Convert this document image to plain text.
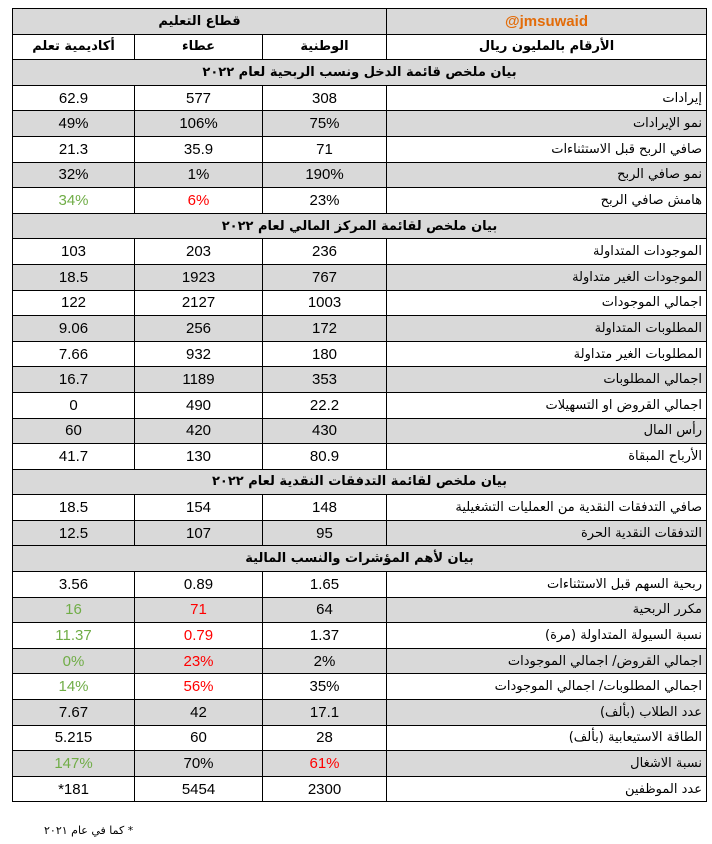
قطاع التعليم			@jmsuwaid
أكاديمية تعلم	عطاء	الوطنية	الأرقام بالمليون ريال
بيان ملخص قائمة الدخل ونسب الربحية لعام ٢٠٢٢			
62.9	577	308	إيرادات
49%	106%	75%	نمو الإيرادات
21.3	35.9	71	صافي الربح قبل الاستثناءات
32%	1%	190%	نمو صافي الربح
34%	6%	23%	هامش صافي الربح
بيان ملخص لقائمة المركز المالي لعام ٢٠٢٢			
103	203	236	الموجودات المتداولة
18.5	1923	767	الموجودات الغير متداولة
122	2127	1003	اجمالي الموجودات
9.06	256	172	المطلوبات المتداولة
7.66	932	180	المطلوبات الغير متداولة
16.7	1189	353	اجمالي المطلوبات
0	490	22.2	اجمالي القروض او التسهيلات
60	420	430	رأس المال
41.7	130	80.9	الأرباح المبقاة
بيان ملخص لقائمة التدفقات النقدية لعام ٢٠٢٢			
18.5	154	148	صافي التدفقات النقدية من العمليات التشغيلية
12.5	107	95	التدفقات النقدية الحرة
بيان لأهم المؤشرات والنسب المالية			
3.56	0.89	1.65	ربحية السهم قبل الاستثناءات
16	71	64	مكرر الربحية
11.37	0.79	1.37	نسبة السيولة المتداولة (مرة)
0%	23%	2%	اجمالي القروض/ اجمالي الموجودات
14%	56%	35%	اجمالي المطلوبات/ اجمالي الموجودات
7.67	42	17.1	عدد الطلاب (بألف)
5.215	60	28	الطاقة الاستيعابية (بألف)
147%	70%	61%	نسبة الاشغال
*181	5454	2300	عدد الموظفين
* كما في عام ٢٠٢١
